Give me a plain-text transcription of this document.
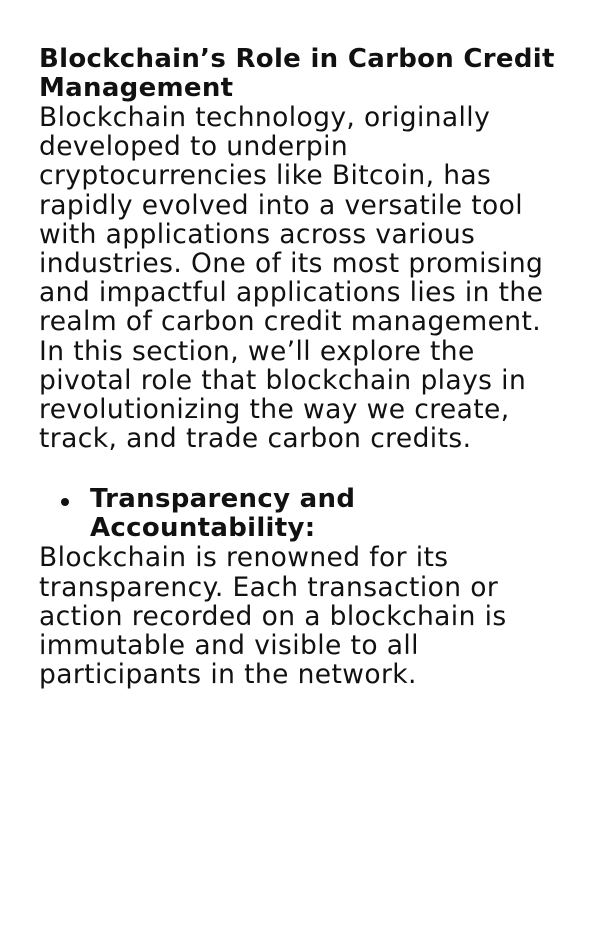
Blockchain’s Role in Carbon Credit Management

Blockchain technology, originally developed to underpin cryptocurrencies like Bitcoin, has rapidly evolved into a versatile tool with applications across various industries. One of its most promising and impactful applications lies in the realm of carbon credit management. In this section, we’ll explore the pivotal role that blockchain plays in revolutionizing the way we create, track, and trade carbon credits.

Transparency and Accountability:

Blockchain is renowned for its transparency. Each transaction or action recorded on a blockchain is immutable and visible to all participants in the network.
